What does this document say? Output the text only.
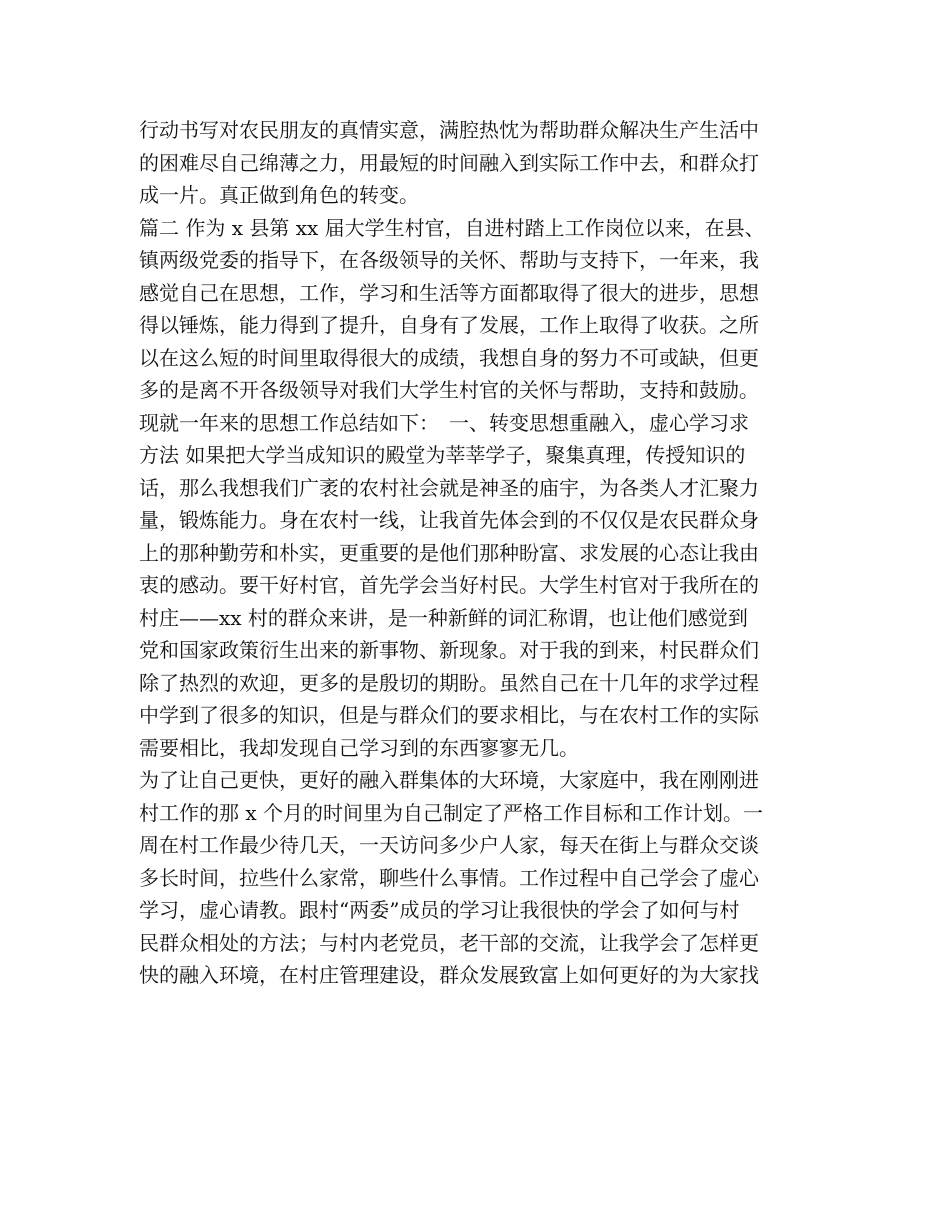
行动书写对农民朋友的真情实意，满腔热忱为帮助群众解决生产生活中
的困难尽自己绵薄之力，用最短的时间融入到实际工作中去，和群众打
成一片。真正做到角色的转变。
篇二 作为 x 县第 xx 届大学生村官，自进村踏上工作岗位以来，在县、
镇两级党委的指导下，在各级领导的关怀、帮助与支持下，一年来，我
感觉自己在思想，工作，学习和生活等方面都取得了很大的进步，思想
得以锤炼，能力得到了提升，自身有了发展，工作上取得了收获。之所
以在这么短的时间里取得很大的成绩，我想自身的努力不可或缺，但更
多的是离不开各级领导对我们大学生村官的关怀与帮助，支持和鼓励。
现就一年来的思想工作总结如下：　一、转变思想重融入，虚心学习求
方法 如果把大学当成知识的殿堂为莘莘学子，聚集真理，传授知识的
话，那么我想我们广袤的农村社会就是神圣的庙宇，为各类人才汇聚力
量，锻炼能力。身在农村一线，让我首先体会到的不仅仅是农民群众身
上的那种勤劳和朴实，更重要的是他们那种盼富、求发展的心态让我由
衷的感动。要干好村官，首先学会当好村民。大学生村官对于我所在的
村庄——xx 村的群众来讲，是一种新鲜的词汇称谓，也让他们感觉到
党和国家政策衍生出来的新事物、新现象。对于我的到来，村民群众们
除了热烈的欢迎，更多的是殷切的期盼。虽然自己在十几年的求学过程
中学到了很多的知识，但是与群众们的要求相比，与在农村工作的实际
需要相比，我却发现自己学习到的东西寥寥无几。
为了让自己更快，更好的融入群集体的大环境，大家庭中，我在刚刚进
村工作的那 x 个月的时间里为自己制定了严格工作目标和工作计划。一
周在村工作最少待几天，一天访问多少户人家，每天在街上与群众交谈
多长时间，拉些什么家常，聊些什么事情。工作过程中自己学会了虚心
学习，虚心请教。跟村“两委”成员的学习让我很快的学会了如何与村
民群众相处的方法；与村内老党员，老干部的交流，让我学会了怎样更
快的融入环境，在村庄管理建设，群众发展致富上如何更好的为大家找
